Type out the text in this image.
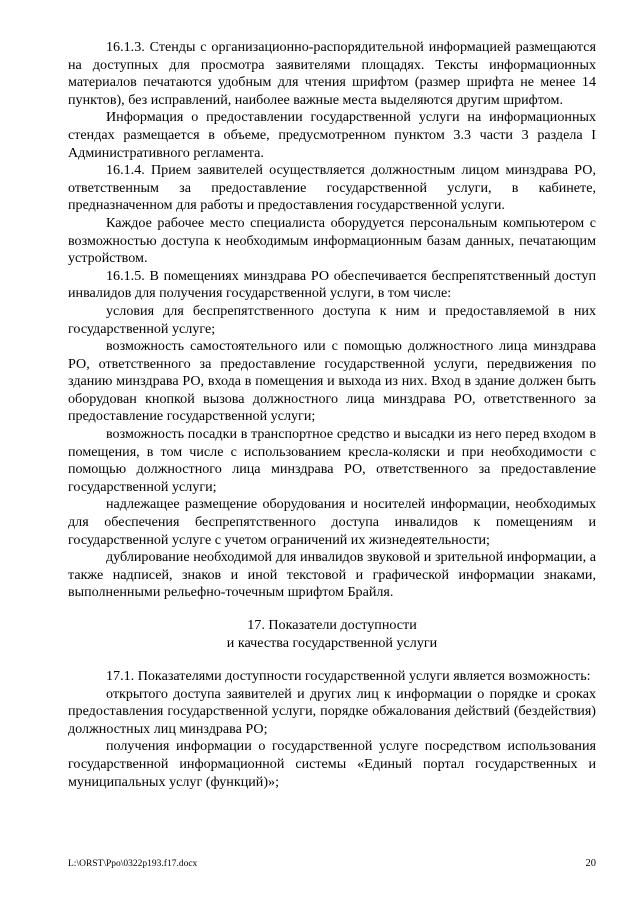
16.1.3. Стенды с организационно-распорядительной информацией размещаются на доступных для просмотра заявителями площадях. Тексты информационных материалов печатаются удобным для чтения шрифтом (размер шрифта не менее 14 пунктов), без исправлений, наиболее важные места выделяются другим шрифтом.

Информация о предоставлении государственной услуги на информационных стендах размещается в объеме, предусмотренном пунктом 3.3 части 3 раздела I Административного регламента.

16.1.4. Прием заявителей осуществляется должностным лицом минздрава РО, ответственным за предоставление государственной услуги, в кабинете, предназначенном для работы и предоставления государственной услуги.

Каждое рабочее место специалиста оборудуется персональным компьютером с возможностью доступа к необходимым информационным базам данных, печатающим устройством.

16.1.5. В помещениях минздрава РО обеспечивается беспрепятственный доступ инвалидов для получения государственной услуги, в том числе:

условия для беспрепятственного доступа к ним и предоставляемой в них государственной услуге;

возможность самостоятельного или с помощью должностного лица минздрава РО, ответственного за предоставление государственной услуги, передвижения по зданию минздрава РО, входа в помещения и выхода из них. Вход в здание должен быть оборудован кнопкой вызова должностного лица минздрава РО, ответственного за предоставление государственной услуги;

возможность посадки в транспортное средство и высадки из него перед входом в помещения, в том числе с использованием кресла-коляски и при необходимости с помощью должностного лица минздрава РО, ответственного за предоставление государственной услуги;

надлежащее размещение оборудования и носителей информации, необходимых для обеспечения беспрепятственного доступа инвалидов к помещениям и государственной услуге с учетом ограничений их жизнедеятельности;

дублирование необходимой для инвалидов звуковой и зрительной информации, а также надписей, знаков и иной текстовой и графической информации знаками, выполненными рельефно-точечным шрифтом Брайля.

17. Показатели доступности
и качества государственной услуги

17.1. Показателями доступности государственной услуги является возможность:

открытого доступа заявителей и других лиц к информации о порядке и сроках предоставления государственной услуги, порядке обжалования действий (бездействия) должностных лиц минздрава РО;

получения информации о государственной услуге посредством использования государственной информационной системы «Единый портал государственных и муниципальных услуг (функций)»;

L:\ORST\Ppo\0322p193.f17.docx	20
